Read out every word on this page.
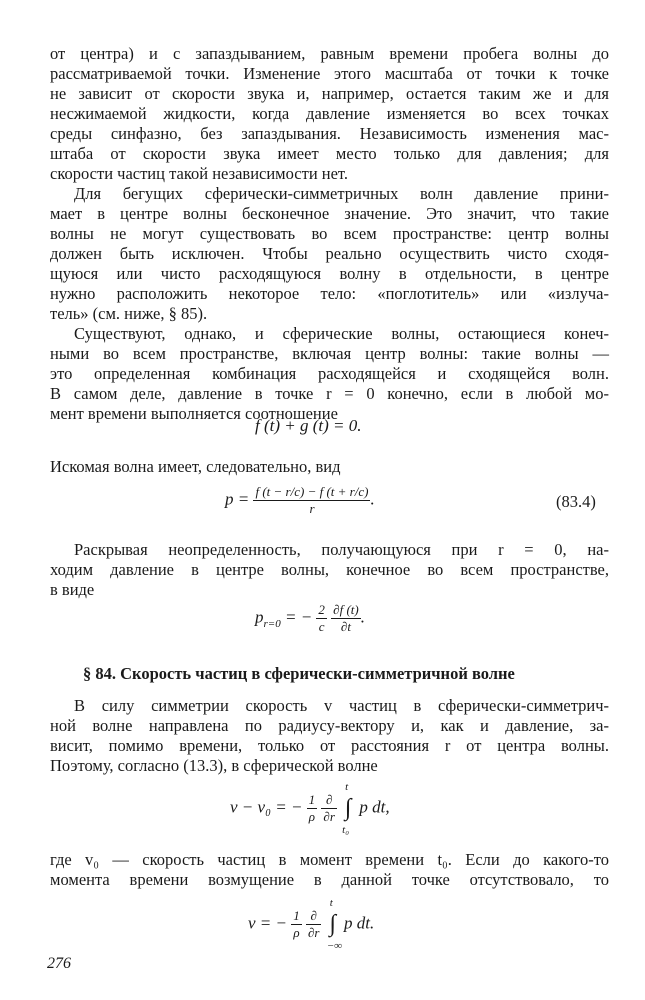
от центра) и с запаздыванием, равным времени пробега волны до
рассматриваемой точки. Изменение этого масштаба от точки к точке
не зависит от скорости звука и, например, остается таким же и для
несжимаемой жидкости, когда давление изменяется во всех точках
среды синфазно, без запаздывания. Независимость изменения мас-
штаба от скорости звука имеет место только для давления; для
скорости частиц такой независимости нет.
Для бегущих сферически-симметричных волн давление прини-
мает в центре волны бесконечное значение. Это значит, что такие
волны не могут существовать во всем пространстве: центр волны
должен быть исключен. Чтобы реально осуществить чисто сходя-
щуюся или чисто расходящуюся волну в отдельности, в центре
нужно расположить некоторое тело: «поглотитель» или «излуча-
тель» (см. ниже, § 85).
Существуют, однако, и сферические волны, остающиеся конеч-
ными во всем пространстве, включая центр волны: такие волны —
это определенная комбинация расходящейся и сходящейся волн.
В самом деле, давление в точке r = 0 конечно, если в любой мо-
мент времени выполняется соотношение
f (t) + g (t) = 0.
Искомая волна имеет, следовательно, вид
$p = \frac{f (t - r/c) - f (t + r/c)}{r}$ .	(83.4)
Раскрывая неопределенность, получающуюся при r = 0, на-
ходим давление в центре волны, конечное во всем пространстве,
в виде
$p_{r=0}$ = − $\frac{2}{c}$
$\frac{\partial f (t)}{\partial t}$ .
§ 84. Скорость частиц в сферически-симметричной волне
В силу симметрии скорость v частиц в сферически-симметрич-
ной волне направлена по радиусу-вектору и, как и давление, за-
висит, помимо времени, только от расстояния r от центра волны.
Поэтому, согласно (13.3), в сферической волне
v − v₀ = − $\frac{1}{\rho}$
$\frac{\partial}{\partial r}$ ∫
t
t₀
p dt,
где v₀ — скорость частиц в момент времени t₀. Если до какого-то
момента времени возмущение в данной точке отсутствовало, то
v = − $\frac{1}{\rho}$
$\frac{\partial}{\partial r}$ ∫
t
−∞
p dt.
276
